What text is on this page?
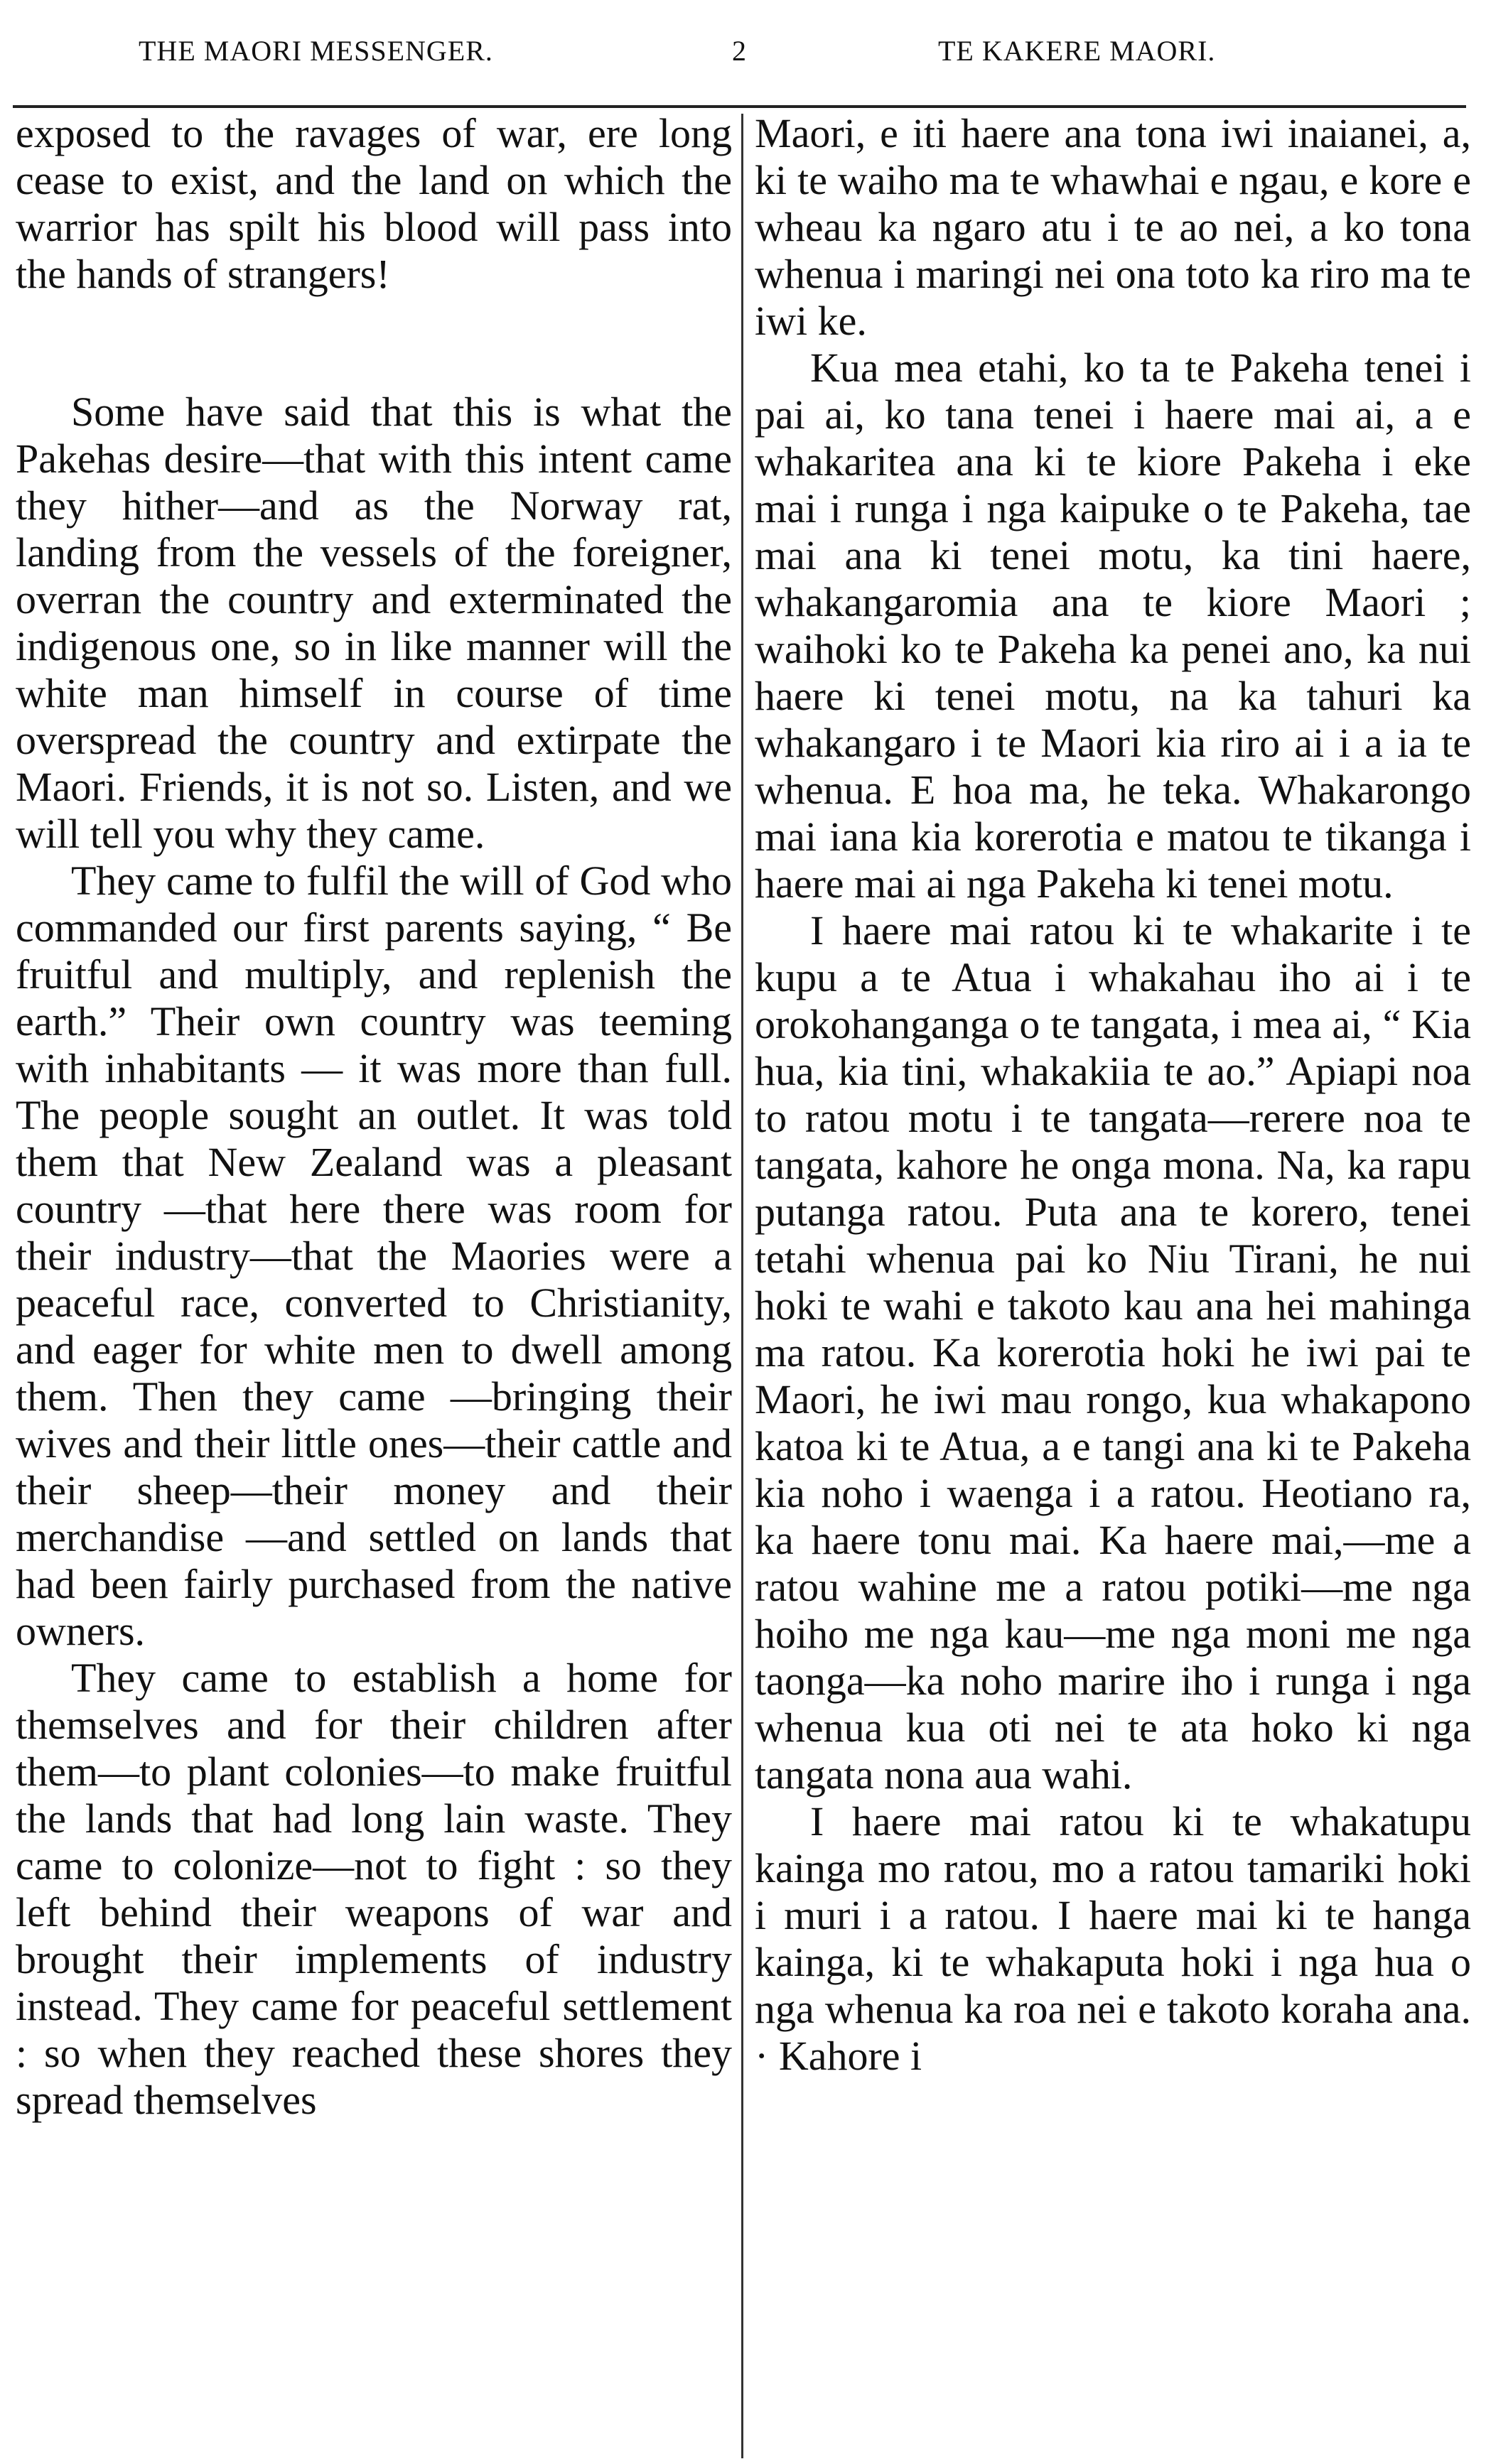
THE MAORI MESSENGER.	2	TE KAKERE MAORI.

exposed to the ravages of war, ere long cease to exist, and the land on which the warrior has spilt his blood will pass into the hands of strangers!

Some have said that this is what the Pakehas desire—that with this intent came they hither—and as the Norway rat, landing from the vessels of the foreigner, overran the country and exterminated the indigenous one, so in like manner will the white man himself in course of time overspread the country and extirpate the Maori. Friends, it is not so. Listen, and we will tell you why they came.

They came to fulfil the will of God who commanded our first parents saying, “ Be fruitful and multiply, and replenish the earth.” Their own country was teeming with inhabitants — it was more than full. The people sought an outlet. It was told them that New Zealand was a pleasant country —that here there was room for their industry—that the Maories were a peaceful race, converted to Christianity, and eager for white men to dwell among them. Then they came —bringing their wives and their little ones—their cattle and their sheep—their money and their merchandise —and settled on lands that had been fairly purchased from the native owners.

They came to establish a home for themselves and for their children after them—to plant colonies—to make fruitful the lands that had long lain waste. They came to colonize—not to fight : so they left behind their weapons of war and brought their implements of industry instead. They came for peaceful settlement : so when they reached these shores they spread themselves

Maori, e iti haere ana tona iwi inaianei, a, ki te waiho ma te whawhai e ngau, e kore e wheau ka ngaro atu i te ao nei, a ko tona whenua i maringi nei ona toto ka riro ma te iwi ke.

Kua mea etahi, ko ta te Pakeha tenei i pai ai, ko tana tenei i haere mai ai, a e whakaritea ana ki te kiore Pakeha i eke mai i runga i nga kaipuke o te Pakeha, tae mai ana ki tenei motu, ka tini haere, whakangaromia ana te kiore Maori ; waihoki ko te Pakeha ka penei ano, ka nui haere ki tenei motu, na ka tahuri ka whakangaro i te Maori kia riro ai i a ia te whenua. E hoa ma, he teka. Whakarongo mai iana kia korerotia e matou te tikanga i haere mai ai nga Pakeha ki tenei motu.

I haere mai ratou ki te whakarite i te kupu a te Atua i whakahau iho ai i te orokohanganga o te tangata, i mea ai, “ Kia hua, kia tini, whakakiia te ao.” Apiapi noa to ratou motu i te tangata—rerere noa te tangata, kahore he onga mona. Na, ka rapu putanga ratou. Puta ana te korero, tenei tetahi whenua pai ko Niu Tirani, he nui hoki te wahi e takoto kau ana hei mahinga ma ratou. Ka korerotia hoki he iwi pai te Maori, he iwi mau rongo, kua whakapono katoa ki te Atua, a e tangi ana ki te Pakeha kia noho i waenga i a ratou. Heotiano ra, ka haere tonu mai. Ka haere mai,—me a ratou wahine me a ratou potiki—me nga hoiho me nga kau—me nga moni me nga taonga—ka noho marire iho i runga i nga whenua kua oti nei te ata hoko ki nga tangata nona aua wahi.

I haere mai ratou ki te whakatupu kainga mo ratou, mo a ratou tamariki hoki i muri i a ratou. I haere mai ki te hanga kainga, ki te whakaputa hoki i nga hua o nga whenua ka roa nei e takoto koraha ana. · Kahore i
